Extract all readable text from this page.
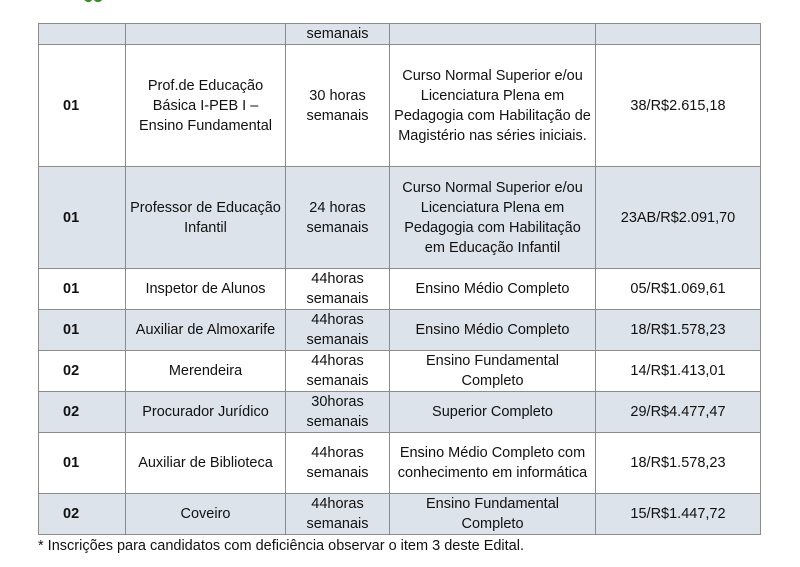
		semanais		
01	Prof.de Educação Básica I-PEB I – Ensino Fundamental	30 horas semanais	Curso Normal Superior e/ou Licenciatura Plena em Pedagogia com Habilitação de Magistério nas séries iniciais.	38/R$2.615,18
01	Professor de Educação Infantil	24 horas semanais	Curso Normal Superior e/ou Licenciatura Plena em Pedagogia com Habilitação em Educação Infantil	23AB/R$2.091,70
01	Inspetor de Alunos	44horas semanais	Ensino Médio Completo	05/R$1.069,61
01	Auxiliar de Almoxarife	44horas semanais	Ensino Médio Completo	18/R$1.578,23
02	Merendeira	44horas semanais	Ensino Fundamental Completo	14/R$1.413,01
02	Procurador Jurídico	30horas semanais	Superior Completo	29/R$4.477,47
01	Auxiliar de Biblioteca	44horas semanais	Ensino Médio Completo com conhecimento em informática	18/R$1.578,23
02	Coveiro	44horas semanais	Ensino Fundamental Completo	15/R$1.447,72
* Inscrições para candidatos com deficiência observar o item 3 deste Edital.
